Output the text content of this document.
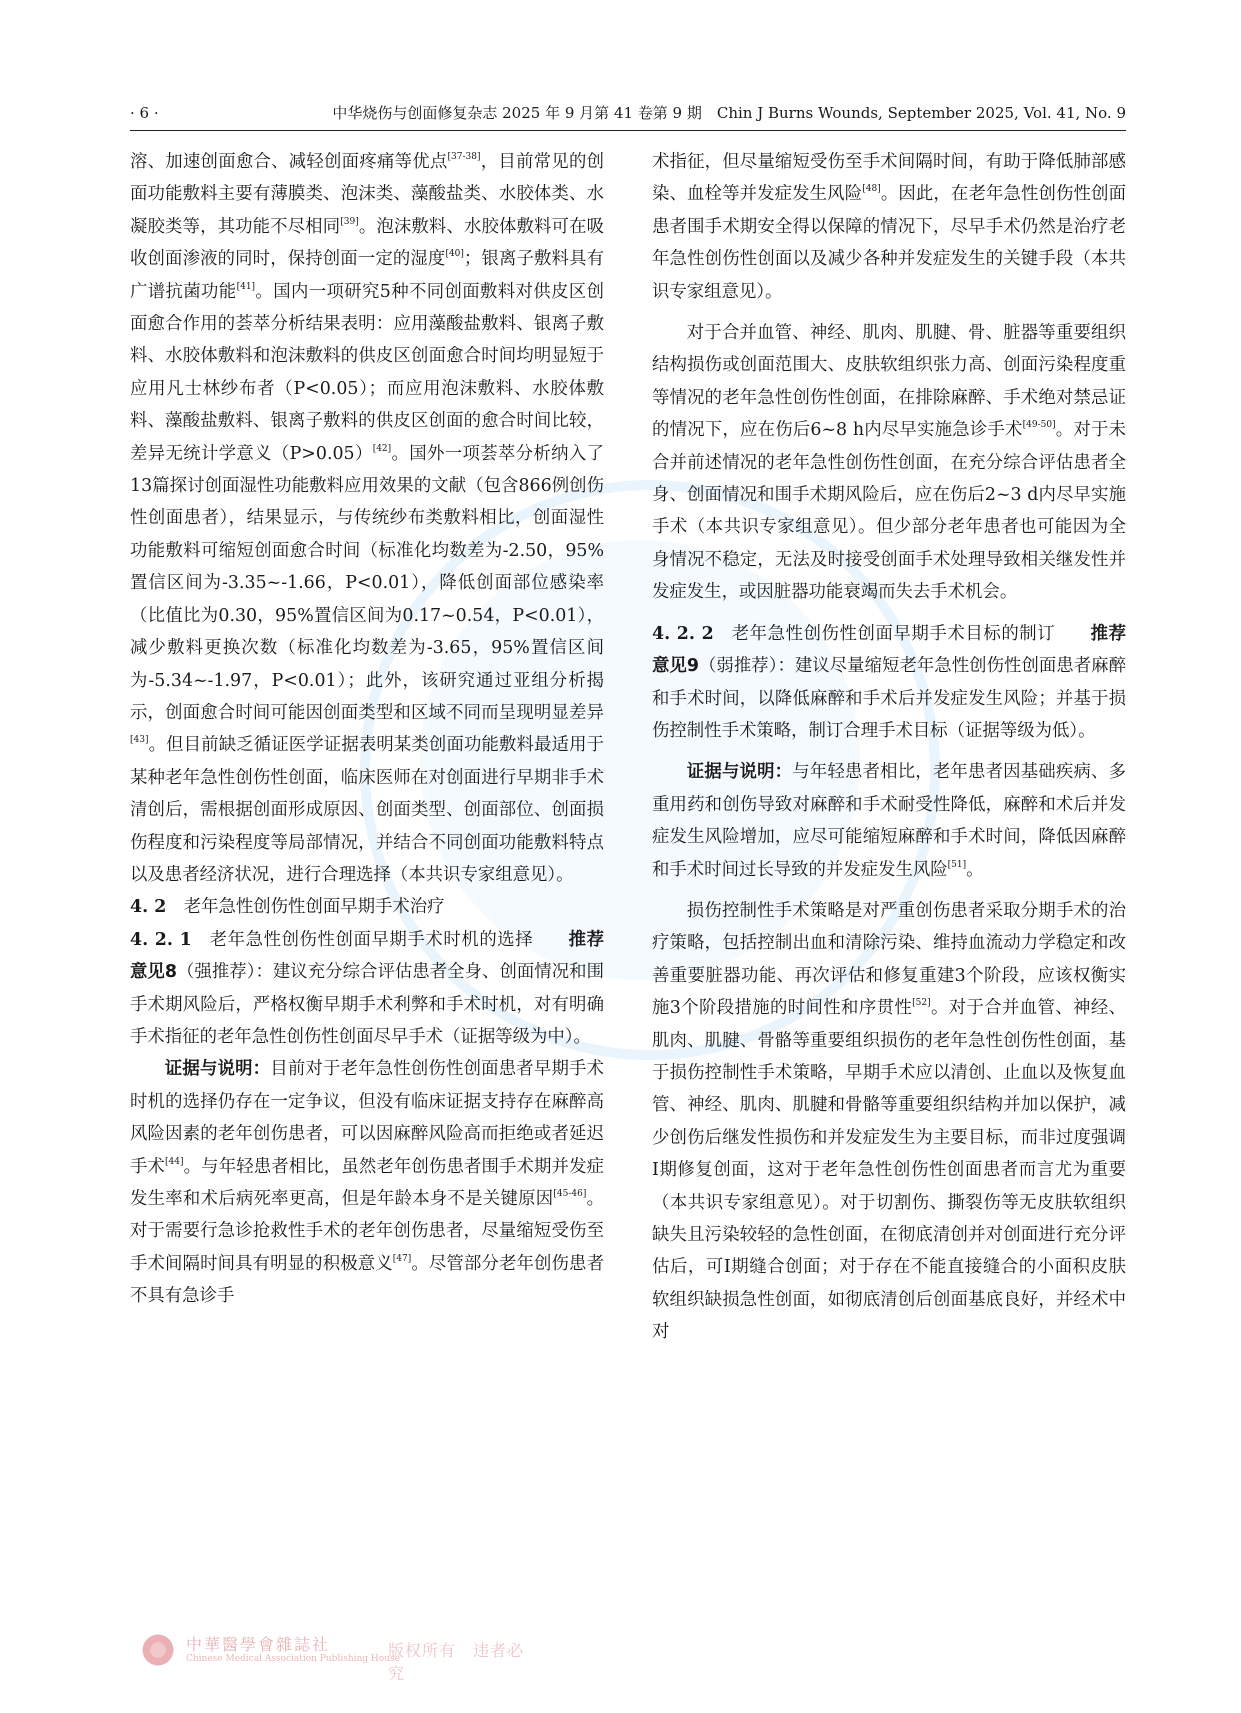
· 6 ·	中华烧伤与创面修复杂志 2025 年 9 月第 41 卷第 9 期　Chin J Burns Wounds, September 2025, Vol. 41, No. 9

溶、加速创面愈合、减轻创面疼痛等优点[37-38]，目前常见的创面功能敷料主要有薄膜类、泡沫类、藻酸盐类、水胶体类、水凝胶类等，其功能不尽相同[39]。泡沫敷料、水胶体敷料可在吸收创面渗液的同时，保持创面一定的湿度[40]；银离子敷料具有广谱抗菌功能[41]。国内一项研究5种不同创面敷料对供皮区创面愈合作用的荟萃分析结果表明：应用藻酸盐敷料、银离子敷料、水胶体敷料和泡沫敷料的供皮区创面愈合时间均明显短于应用凡士林纱布者（P<0.05）；而应用泡沫敷料、水胶体敷料、藻酸盐敷料、银离子敷料的供皮区创面的愈合时间比较，差异无统计学意义（P>0.05）[42]。国外一项荟萃分析纳入了13篇探讨创面湿性功能敷料应用效果的文献（包含866例创伤性创面患者），结果显示，与传统纱布类敷料相比，创面湿性功能敷料可缩短创面愈合时间（标准化均数差为-2.50，95%置信区间为-3.35~-1.66，P<0.01），降低创面部位感染率（比值比为0.30，95%置信区间为0.17~0.54，P<0.01），减少敷料更换次数（标准化均数差为-3.65，95%置信区间为-5.34~-1.97，P<0.01）；此外，该研究通过亚组分析揭示，创面愈合时间可能因创面类型和区域不同而呈现明显差异[43]。但目前缺乏循证医学证据表明某类创面功能敷料最适用于某种老年急性创伤性创面，临床医师在对创面进行早期非手术清创后，需根据创面形成原因、创面类型、创面部位、创面损伤程度和污染程度等局部情况，并结合不同创面功能敷料特点以及患者经济状况，进行合理选择（本共识专家组意见）。

4. 2  老年急性创伤性创面早期手术治疗

4. 2. 1  老年急性创伤性创面早期手术时机的选择   推荐意见8（强推荐）：建议充分综合评估患者全身、创面情况和围手术期风险后，严格权衡早期手术利弊和手术时机，对有明确手术指征的老年急性创伤性创面尽早手术（证据等级为中）。

证据与说明：目前对于老年急性创伤性创面患者早期手术时机的选择仍存在一定争议，但没有临床证据支持存在麻醉高风险因素的老年创伤患者，可以因麻醉风险高而拒绝或者延迟手术[44]。与年轻患者相比，虽然老年创伤患者围手术期并发症发生率和术后病死率更高，但是年龄本身不是关键原因[45-46]。对于需要行急诊抢救性手术的老年创伤患者，尽量缩短受伤至手术间隔时间具有明显的积极意义[47]。尽管部分老年创伤患者不具有急诊手

术指征，但尽量缩短受伤至手术间隔时间，有助于降低肺部感染、血栓等并发症发生风险[48]。因此，在老年急性创伤性创面患者围手术期安全得以保障的情况下，尽早手术仍然是治疗老年急性创伤性创面以及减少各种并发症发生的关键手段（本共识专家组意见）。

对于合并血管、神经、肌肉、肌腱、骨、脏器等重要组织结构损伤或创面范围大、皮肤软组织张力高、创面污染程度重等情况的老年急性创伤性创面，在排除麻醉、手术绝对禁忌证的情况下，应在伤后6~8 h内尽早实施急诊手术[49-50]。对于未合并前述情况的老年急性创伤性创面，在充分综合评估患者全身、创面情况和围手术期风险后，应在伤后2~3 d内尽早实施手术（本共识专家组意见）。但少部分老年患者也可能因为全身情况不稳定，无法及时接受创面手术处理导致相关继发性并发症发生，或因脏器功能衰竭而失去手术机会。

4. 2. 2  老年急性创伤性创面早期手术目标的制订   推荐意见9（弱推荐）：建议尽量缩短老年急性创伤性创面患者麻醉和手术时间，以降低麻醉和手术后并发症发生风险；并基于损伤控制性手术策略，制订合理手术目标（证据等级为低）。

证据与说明：与年轻患者相比，老年患者因基础疾病、多重用药和创伤导致对麻醉和手术耐受性降低，麻醉和术后并发症发生风险增加，应尽可能缩短麻醉和手术时间，降低因麻醉和手术时间过长导致的并发症发生风险[51]。

损伤控制性手术策略是对严重创伤患者采取分期手术的治疗策略，包括控制出血和清除污染、维持血流动力学稳定和改善重要脏器功能、再次评估和修复重建3个阶段，应该权衡实施3个阶段措施的时间性和序贯性[52]。对于合并血管、神经、肌肉、肌腱、骨骼等重要组织损伤的老年急性创伤性创面，基于损伤控制性手术策略，早期手术应以清创、止血以及恢复血管、神经、肌肉、肌腱和骨骼等重要组织结构并加以保护，减少创伤后继发性损伤和并发症发生为主要目标，而非过度强调Ⅰ期修复创面，这对于老年急性创伤性创面患者而言尤为重要（本共识专家组意见）。对于切割伤、撕裂伤等无皮肤软组织缺失且污染较轻的急性创面，在彻底清创并对创面进行充分评估后，可Ⅰ期缝合创面；对于存在不能直接缝合的小面积皮肤软组织缺损急性创面，如彻底清创后创面基底良好，并经术中对

中華醫學會雜誌社
Chinese Medical Association Publishing House
版权所有　违者必究
